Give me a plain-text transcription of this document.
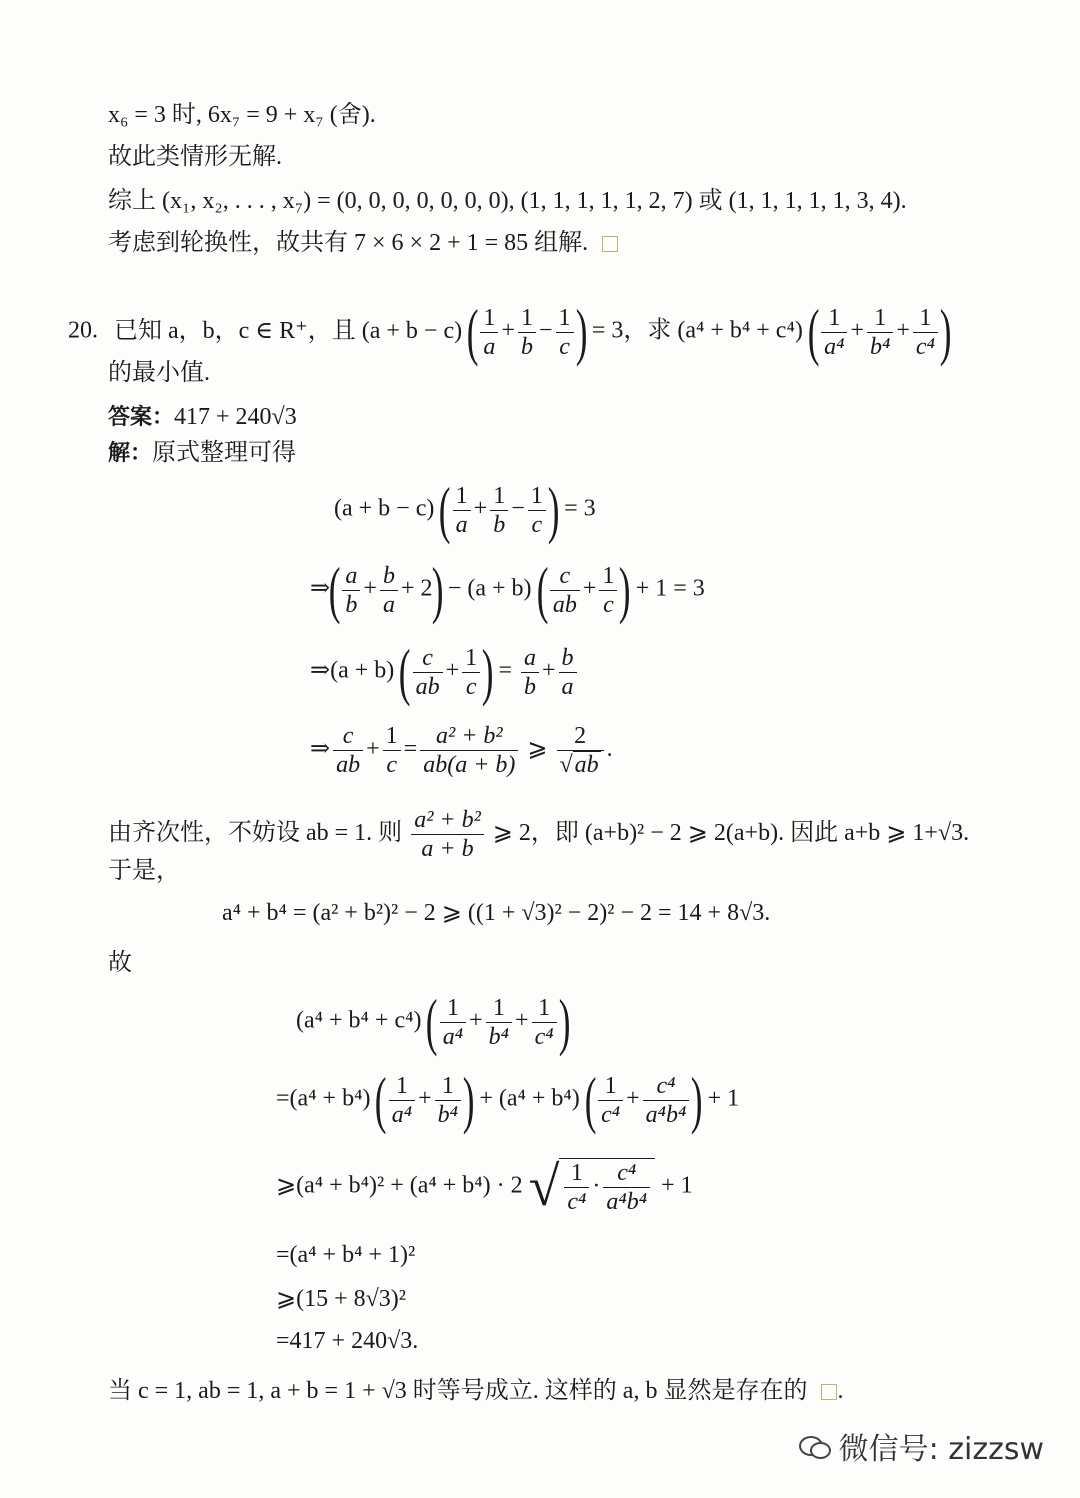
x₆ = 3 时, 6x₇ = 9 + x₇ (舍).
故此类情形无解.
综上 (x₁, x₂, . . . , x₇) = (0, 0, 0, 0, 0, 0, 0), (1, 1, 1, 1, 1, 2, 7) 或 (1, 1, 1, 1, 1, 3, 4).
考虑到轮换性，故共有 7 × 6 × 2 + 1 = 85 组解.
20. 已知 a，b，c ∈ R⁺，且 (a + b − c) ( $\frac{1}{a} + \frac{1}{b} - \frac{1}{c}$ ) = 3，求 (a⁴ + b⁴ + c⁴) ( $\frac{1}{\text{a⁴}} + \frac{1}{\text{b⁴}} + \frac{1}{\text{c⁴}}$ )
的最小值.
答案：417 + 240√3
解：原式整理可得
(a + b − c) ( $\frac{1}{a} + \frac{1}{b} - \frac{1}{c}$ ) = 3
⇒( $\frac{a}{b} + \frac{b}{a} + 2) - (a + b)$ ( $\frac{c}{ab} + \frac{1}{c}$ ) + 1 = 3
⇒(a + b) ( $\frac{c}{ab} + \frac{1}{c}$ ) = $\frac{a}{b} + \frac{b}{a}$
⇒ $\frac{c}{ab} + \frac{1}{c} = \frac{\text{a² + b²}}{ab(a + b)}$ ⩾ $\frac{2}{√ab}$ .
由齐次性，不妨设 ab = 1. 则 $\frac{\text{a² + b²}}{a + b}$ ⩾ 2，即 (a+b)² − 2 ⩾ 2(a+b). 因此 a+b ⩾ 1+√3.
于是，
a⁴ + b⁴ = (a² + b²)² − 2 ⩾ ((1 + √3)² − 2)² − 2 = 14 + 8√3.
故
(a⁴ + b⁴ + c⁴) ( $\frac{1}{\text{a⁴}} + \frac{1}{\text{b⁴}} + \frac{1}{\text{c⁴}}$ )
=(a⁴ + b⁴) ( $\frac{1}{\text{a⁴}} + \frac{1}{\text{b⁴}}$ ) + (a⁴ + b⁴) ( $\frac{1}{\text{c⁴}} + \frac{\text{c⁴}}{\text{a⁴b⁴}}$ ) + 1
⩾(a⁴ + b⁴)² + (a⁴ + b⁴) · 2 √ $\frac{1}{\text{c⁴}} \cdot \frac{\text{c⁴}}{\text{a⁴b⁴}} + 1$
=(a⁴ + b⁴ + 1)²
⩾(15 + 8√3)²
=417 + 240√3.
当 c = 1, ab = 1, a + b = 1 + √3 时等号成立. 这样的 a, b 显然是存在的 .
微信号: zizzsw
